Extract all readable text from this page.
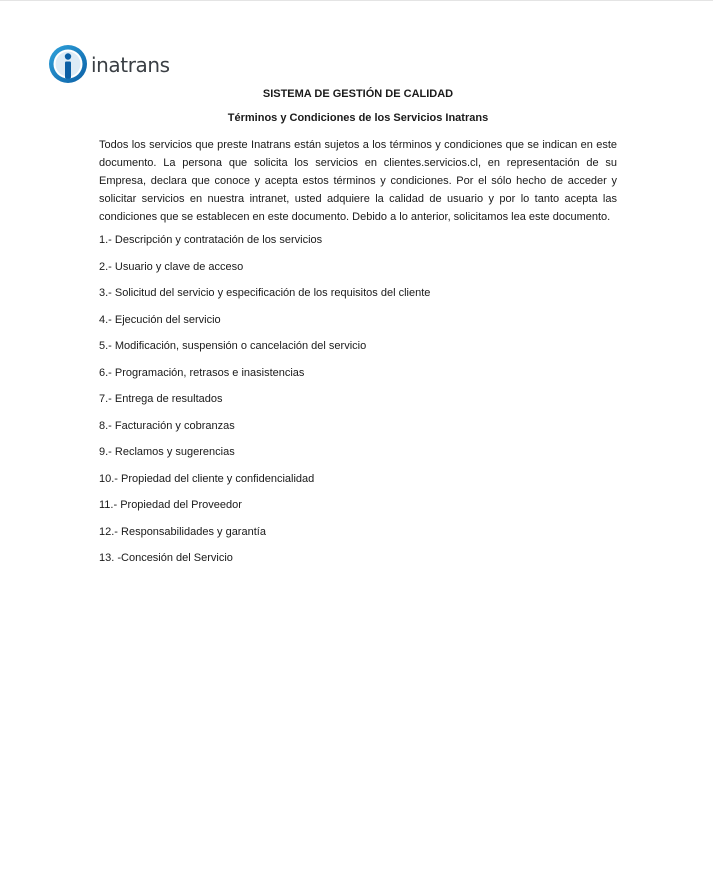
inatrans
SISTEMA DE GESTIÓN DE CALIDAD
Términos y Condiciones de los Servicios Inatrans

Todos los servicios que preste Inatrans están sujetos a los términos y condiciones que se indican en este documento. La persona que solicita los servicios en clientes.servicios.cl, en representación de su Empresa, declara que conoce y acepta estos términos y condiciones. Por el sólo hecho de acceder y solicitar servicios en nuestra intranet, usted adquiere la calidad de usuario y por lo tanto acepta las condiciones que se establecen en este documento. Debido a lo anterior, solicitamos lea este documento.

1.- Descripción y contratación de los servicios
2.- Usuario y clave de acceso
3.- Solicitud del servicio y especificación de los requisitos del cliente
4.- Ejecución del servicio
5.- Modificación, suspensión o cancelación del servicio
6.- Programación, retrasos e inasistencias
7.- Entrega de resultados
8.- Facturación y cobranzas
9.- Reclamos y sugerencias
10.- Propiedad del cliente y confidencialidad
11.- Propiedad del Proveedor
12.- Responsabilidades y garantía
13. -Concesión del Servicio
